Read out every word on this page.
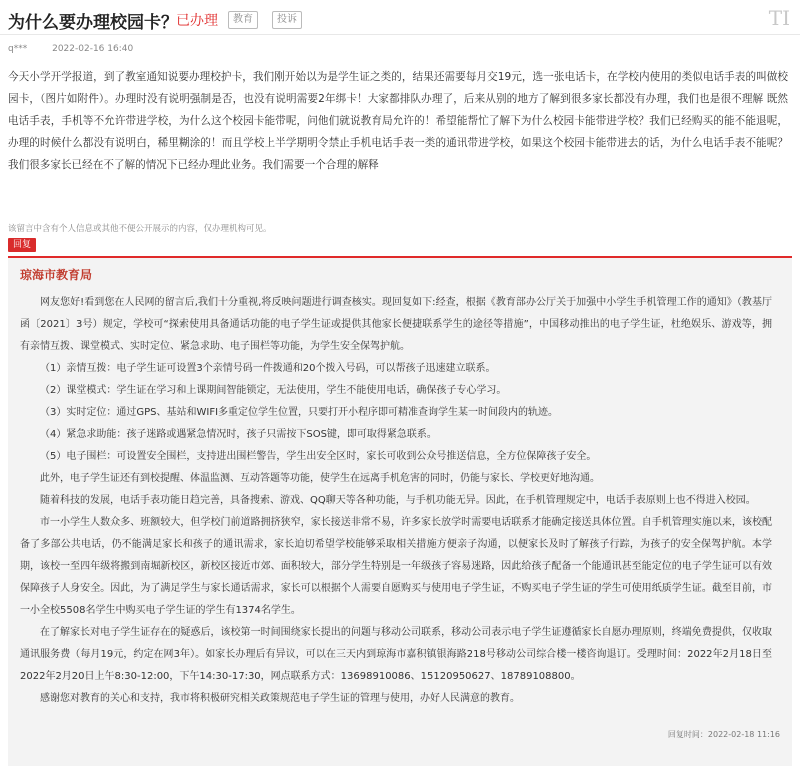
为什么要办理校园卡？
已办理	教育	投诉	TI
q***	2022-02-16 16:40
今天小学开学报道，到了教室通知说要办理校护卡，我们刚开始以为是学生证之类的，结果还需要每月交19元，选一张电话卡，在学校内使用的类似电话手表的叫做校园卡，（图片如附件）。办理时没有说明强制是否，也没有说明需要2年绑卡！大家都排队办理了，后来从别的地方了解到很多家长都没有办理，我们也是很不理解 既然电话手表，手机等不允许带进学校，为什么这个校园卡能带呢，问他们就说教育局允许的！希望能帮忙了解下为什么校园卡能带进学校？我们已经购买的能不能退呢，办理的时候什么都没有说明白，稀里糊涂的！而且学校上半学期明令禁止手机电话手表一类的通讯带进学校，如果这个校园卡能带进去的话，为什么电话手表不能呢？我们很多家长已经在不了解的情况下已经办理此业务。我们需要一个合理的解释
该留言中含有个人信息或其他不便公开展示的内容，仅办理机构可见。
回复
琼海市教育局

网友您好!看到您在人民网的留言后,我们十分重视,将反映问题进行调查核实。现回复如下:经查，根据《教育部办公厅关于加强中小学生手机管理工作的通知》（教基厅函〔2021〕3号）规定，学校可“探索使用具备通话功能的电子学生证或提供其他家长便捷联系学生的途径等措施”，中国移动推出的电子学生证，杜绝娱乐、游戏等，拥有亲情互拨、课堂模式、实时定位、紧急求助、电子围栏等功能，为学生安全保驾护航。

（1）亲情互拨：电子学生证可设置3个亲情号码一件拨通和20个拨入号码，可以帮孩子迅速建立联系。

（2）课堂模式：学生证在学习和上课期间智能锁定，无法使用，学生不能使用电话，确保孩子专心学习。

（3）实时定位：通过GPS、基站和WIFI多重定位学生位置，只要打开小程序即可精准查询学生某一时间段内的轨迹。

（4）紧急求助能：孩子迷路或遇紧急情况时，孩子只需按下SOS键，即可取得紧急联系。

（5）电子围栏：可设置安全围栏，支持进出围栏警告，学生出安全区时，家长可收到公众号推送信息，全方位保障孩子安全。

此外，电子学生证还有到校提醒、体温监测、互动答题等功能，使学生在远离手机危害的同时，仍能与家长、学校更好地沟通。

随着科技的发展，电话手表功能日趋完善，具备搜索、游戏、QQ聊天等各种功能，与手机功能无异。因此，在手机管理规定中，电话手表原则上也不得进入校园。

市一小学生人数众多、班额较大，但学校门前道路拥挤狭窄，家长接送非常不易，许多家长放学时需要电话联系才能确定接送具体位置。自手机管理实施以来，该校配备了多部公共电话，仍不能满足家长和孩子的通讯需求，家长迫切希望学校能够采取相关措施方便亲子沟通，以便家长及时了解孩子行踪，为孩子的安全保驾护航。本学期，该校一至四年级将搬到南堀新校区，新校区接近市郊、面积较大，部分学生特别是一年级孩子容易迷路，因此给孩子配备一个能通讯甚至能定位的电子学生证可以有效保障孩子人身安全。因此，为了满足学生与家长通话需求，家长可以根据个人需要自愿购买与使用电子学生证，不购买电子学生证的学生可使用纸质学生证。截至目前，市一小全校5508名学生中购买电子学生证的学生有1374名学生。

在了解家长对电子学生证存在的疑惑后，该校第一时间围绕家长提出的问题与移动公司联系，移动公司表示电子学生证遵循家长自愿办理原则，终端免费提供，仅收取通讯服务费（每月19元，约定在网3年）。如家长办理后有异议，可以在三天内到琼海市嘉积镇银海路218号移动公司综合楼一楼咨询退订。受理时间：2022年2月18日至2022年2月20日上午8:30-12:00，下午14:30-17:30，网点联系方式：13698910086、15120950627、18789108800。

感谢您对教育的关心和支持，我市将积极研究相关政策规范电子学生证的管理与使用，办好人民满意的教育。

回复时间：2022-02-18 11:16
